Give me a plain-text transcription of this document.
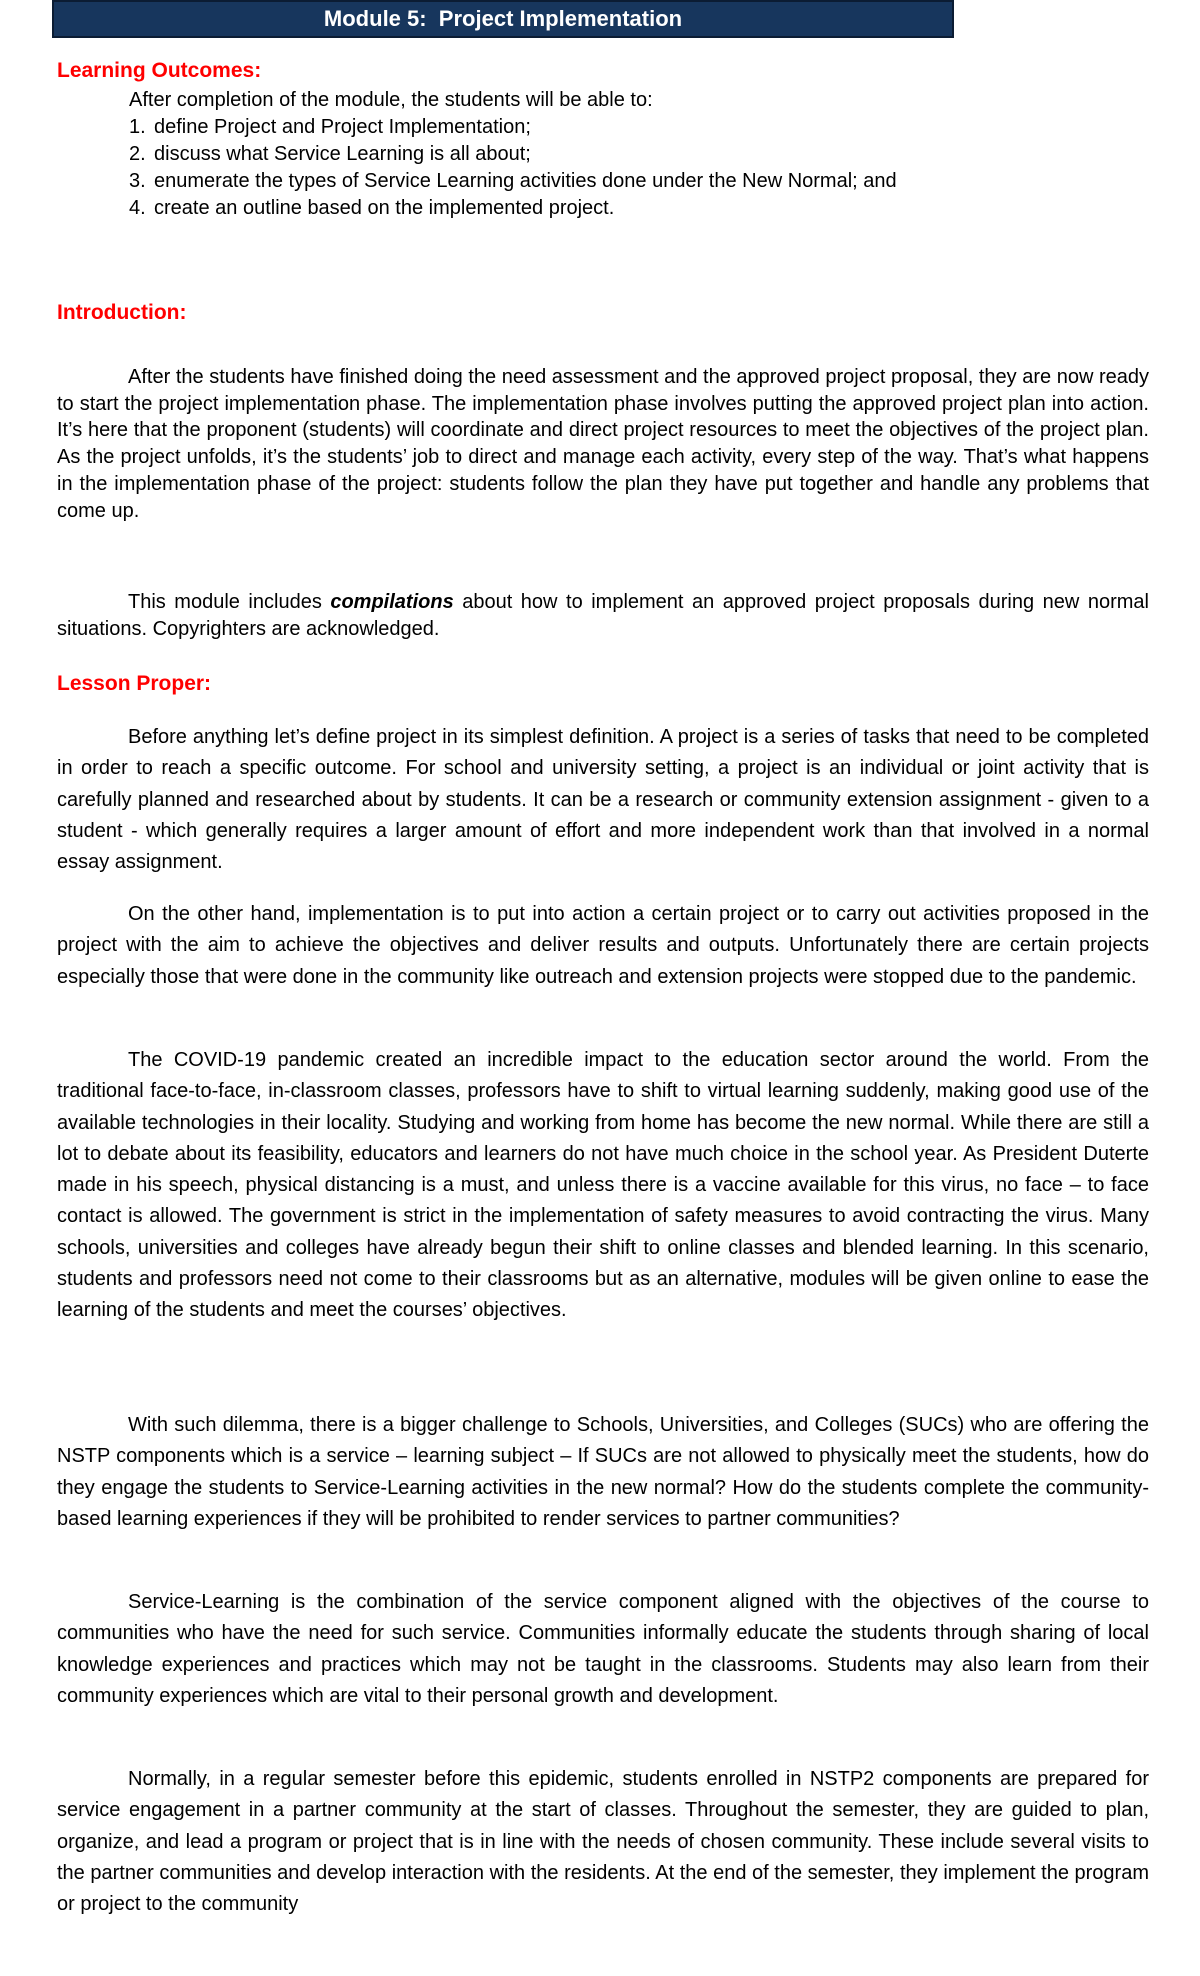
Module 5:  Project Implementation
Learning Outcomes:
After completion of the module, the students will be able to:
1. define Project and Project Implementation;
2. discuss what Service Learning is all about;
3. enumerate the types of Service Learning activities done under the New Normal; and
4. create an outline based on the implemented project.
Introduction:

After the students have finished doing the need assessment and the approved project proposal, they are now ready to start the project implementation phase. The implementation phase involves putting the approved project plan into action. It’s here that the proponent (students) will coordinate and direct project resources to meet the objectives of the project plan. As the project unfolds, it’s the students’ job to direct and manage each activity, every step of the way. That’s what happens in the implementation phase of the project: students follow the plan they have put together and handle any problems that come up.

This module includes compilations about how to implement an approved project proposals during new normal situations. Copyrighters are acknowledged.

Lesson Proper:

Before anything let’s define project in its simplest definition. A project is a series of tasks that need to be completed in order to reach a specific outcome. For school and university setting, a project is an individual or joint activity that is carefully planned and researched about by students. It can be a research or community extension assignment - given to a student - which generally requires a larger amount of effort and more independent work than that involved in a normal essay assignment.

On the other hand, implementation is to put into action a certain project or to carry out activities proposed in the project with the aim to achieve the objectives and deliver results and outputs. Unfortunately there are certain projects especially those that were done in the community like outreach and extension projects were stopped due to the pandemic.

The COVID-19 pandemic created an incredible impact to the education sector around the world. From the traditional face-to-face, in-classroom classes, professors have to shift to virtual learning suddenly, making good use of the available technologies in their locality. Studying and working from home has become the new normal. While there are still a lot to debate about its feasibility, educators and learners do not have much choice in the school year. As President Duterte made in his speech, physical distancing is a must, and unless there is a vaccine available for this virus, no face – to face contact is allowed. The government is strict in the implementation of safety measures to avoid contracting the virus. Many schools, universities and colleges have already begun their shift to online classes and blended learning. In this scenario, students and professors need not come to their classrooms but as an alternative, modules will be given online to ease the learning of the students and meet the courses’ objectives.

With such dilemma, there is a bigger challenge to Schools, Universities, and Colleges (SUCs) who are offering the NSTP components which is a service – learning subject – If SUCs are not allowed to physically meet the students, how do they engage the students to Service-Learning activities in the new normal? How do the students complete the community-based learning experiences if they will be prohibited to render services to partner communities?

Service-Learning is the combination of the service component aligned with the objectives of the course to communities who have the need for such service. Communities informally educate the students through sharing of local knowledge experiences and practices which may not be taught in the classrooms. Students may also learn from their community experiences which are vital to their personal growth and development.

Normally, in a regular semester before this epidemic, students enrolled in NSTP2 components are prepared for service engagement in a partner community at the start of classes. Throughout the semester, they are guided to plan, organize, and lead a program or project that is in line with the needs of chosen community. These include several visits to the partner communities and develop interaction with the residents. At the end of the semester, they implement the program or project to the community
